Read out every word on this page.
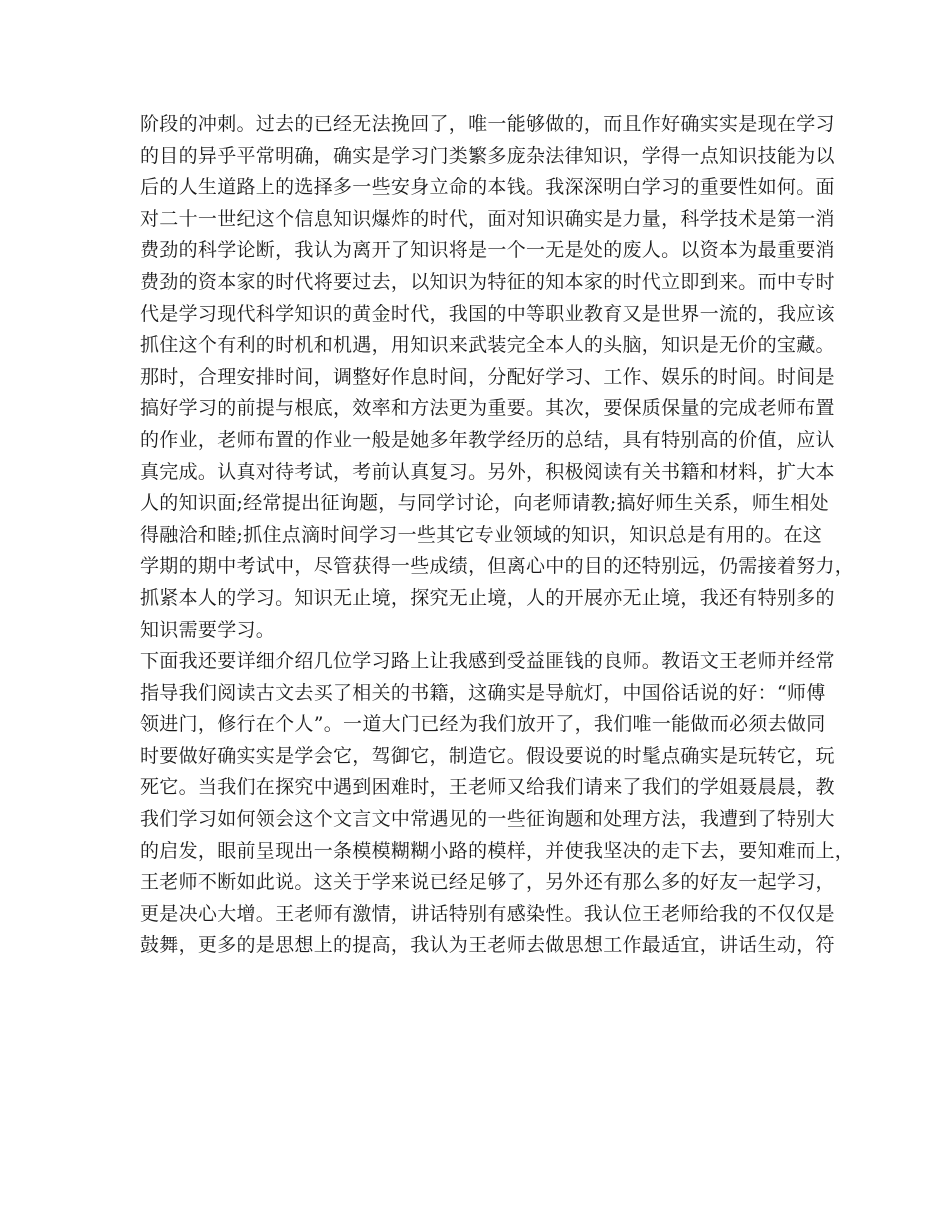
阶段的冲刺。过去的已经无法挽回了，唯一能够做的，而且作好确实实是现在学习
的目的异乎平常明确，确实是学习门类繁多庞杂法律知识，学得一点知识技能为以
后的人生道路上的选择多一些安身立命的本钱。我深深明白学习的重要性如何。面
对二十一世纪这个信息知识爆炸的时代，面对知识确实是力量，科学技术是第一消
费劲的科学论断，我认为离开了知识将是一个一无是处的废人。以资本为最重要消
费劲的资本家的时代将要过去，以知识为特征的知本家的时代立即到来。而中专时
代是学习现代科学知识的黄金时代，我国的中等职业教育又是世界一流的，我应该
抓住这个有利的时机和机遇，用知识来武装完全本人的头脑，知识是无价的宝藏。
那时，合理安排时间，调整好作息时间，分配好学习、工作、娱乐的时间。时间是
搞好学习的前提与根底，效率和方法更为重要。其次，要保质保量的完成老师布置
的作业，老师布置的作业一般是她多年教学经历的总结，具有特别高的价值，应认
真完成。认真对待考试，考前认真复习。另外，积极阅读有关书籍和材料，扩大本
人的知识面;经常提出征询题，与同学讨论，向老师请教;搞好师生关系，师生相处
得融洽和睦;抓住点滴时间学习一些其它专业领域的知识，知识总是有用的。在这
学期的期中考试中，尽管获得一些成绩，但离心中的目的还特别远，仍需接着努力，
抓紧本人的学习。知识无止境，探究无止境，人的开展亦无止境，我还有特别多的
知识需要学习。
下面我还要详细介绍几位学习路上让我感到受益匪钱的良师。教语文王老师并经常
指导我们阅读古文去买了相关的书籍，这确实是导航灯，中国俗话说的好：“师傅
领进门，修行在个人”。一道大门已经为我们放开了，我们唯一能做而必须去做同
时要做好确实实是学会它，驾御它，制造它。假设要说的时髦点确实是玩转它，玩
死它。当我们在探究中遇到困难时，王老师又给我们请来了我们的学姐聂晨晨，教
我们学习如何领会这个文言文中常遇见的一些征询题和处理方法，我遭到了特别大
的启发，眼前呈现出一条模模糊糊小路的模样，并使我坚决的走下去，要知难而上，
王老师不断如此说。这关于学来说已经足够了，另外还有那么多的好友一起学习，
更是决心大增。王老师有激情，讲话特别有感染性。我认位王老师给我的不仅仅是
鼓舞，更多的是思想上的提高，我认为王老师去做思想工作最适宜，讲话生动，符
